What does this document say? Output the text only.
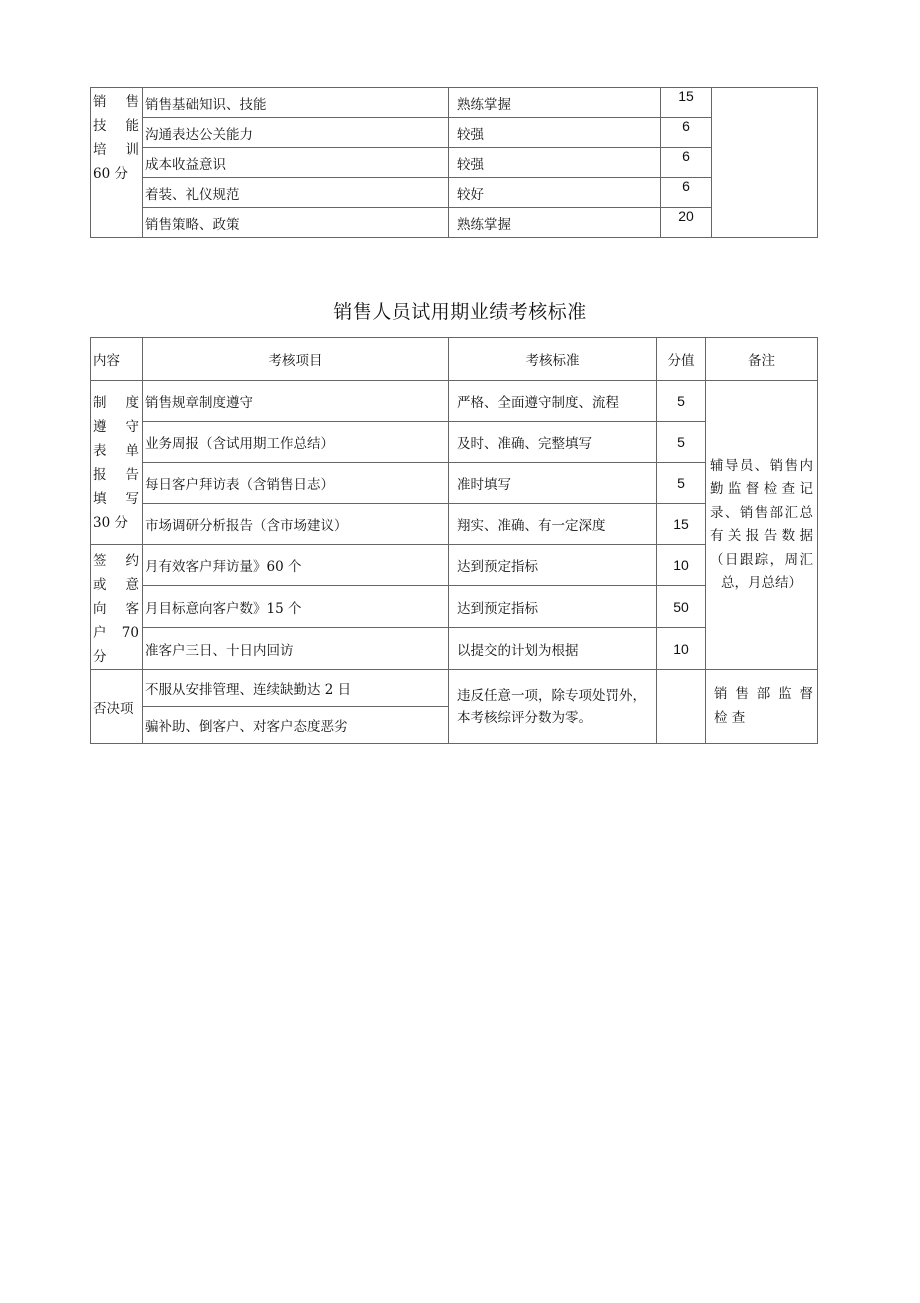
销 售 技 能 培 训 60 分	销售基础知识、技能	熟练掌握	15	
	沟通表达公关能力	较强	6	
	成本收益意识	较强	6	
	着装、礼仪规范	较好	6	
	销售策略、政策	熟练掌握	20	
销售人员试用期业绩考核标准
内容	考核项目	考核标准	分值	备注
制 度 遵 守 表 单 报 告 填 写 30 分	销售规章制度遵守	严格、全面遵守制度、流程	5	辅导员、销售内勤监督检查记录、销售部汇总有关报告数据（日跟踪，周汇总，月总结）
	业务周报（含试用期工作总结）	及时、准确、完整填写	5	
	每日客户拜访表（含销售日志）	准时填写	5	
	市场调研分析报告（含市场建议）	翔实、准确、有一定深度	15	
签 约 或 意 向 客 户 70 分	月有效客户拜访量》60 个	达到预定指标	10	
	月目标意向客户数》15 个	达到预定指标	50	
	准客户三日、十日内回访	以提交的计划为根据	10	
否决项	不服从安排管理、连续缺勤达 2 日	违反任意一项，除专项处罚外，本考核综评分数为零。		销 售 部 监 督 检 查
	骗补助、倒客户、对客户态度恶劣			
